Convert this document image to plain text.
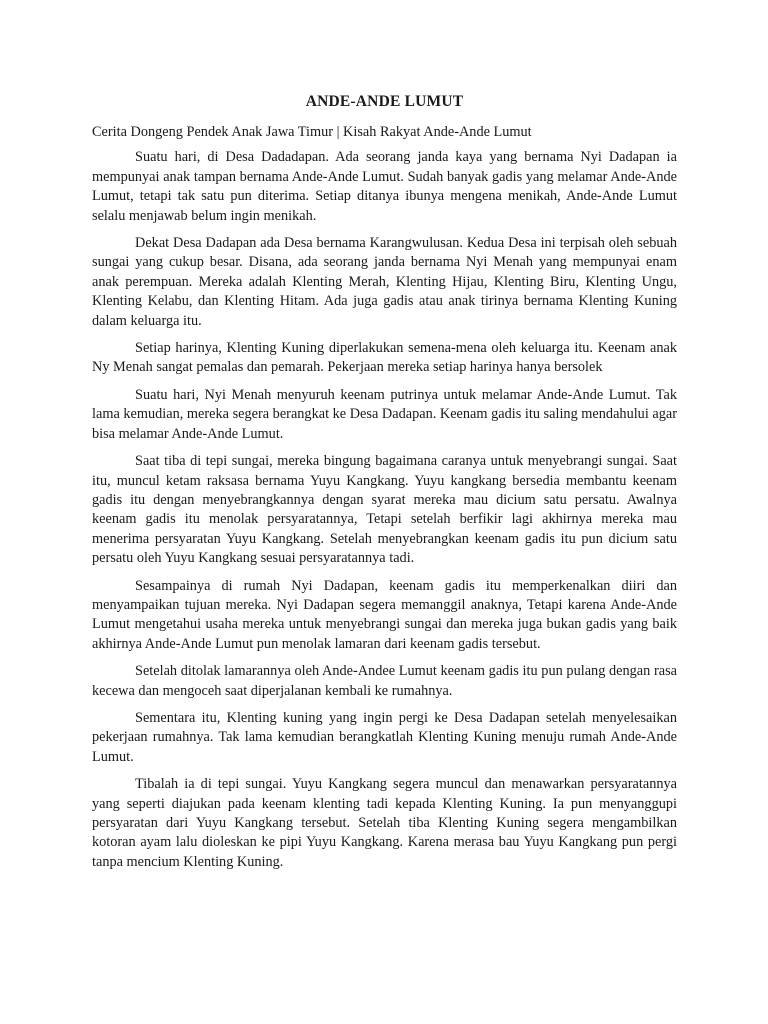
ANDE-ANDE LUMUT
Cerita Dongeng Pendek Anak Jawa Timur | Kisah Rakyat Ande-Ande Lumut

Suatu hari, di Desa Dadadapan. Ada seorang janda kaya yang bernama Nyi Dadapan ia mempunyai anak tampan bernama Ande-Ande Lumut. Sudah banyak gadis yang melamar Ande-Ande Lumut, tetapi tak satu pun diterima. Setiap ditanya ibunya mengena menikah, Ande-Ande Lumut selalu menjawab belum ingin menikah.

Dekat Desa Dadapan ada Desa bernama Karangwulusan. Kedua Desa ini terpisah oleh sebuah sungai yang cukup besar. Disana, ada seorang janda bernama Nyi Menah yang mempunyai enam anak perempuan. Mereka adalah Klenting Merah, Klenting Hijau, Klenting Biru, Klenting Ungu, Klenting Kelabu, dan Klenting Hitam. Ada juga gadis atau anak tirinya bernama Klenting Kuning dalam keluarga itu.

Setiap harinya, Klenting Kuning diperlakukan semena-mena oleh keluarga itu. Keenam anak Ny Menah sangat pemalas dan pemarah. Pekerjaan mereka setiap harinya hanya bersolek

Suatu hari, Nyi Menah menyuruh keenam putrinya untuk melamar Ande-Ande Lumut. Tak lama kemudian, mereka segera berangkat ke Desa Dadapan. Keenam gadis itu saling mendahului agar bisa melamar Ande-Ande Lumut.

Saat tiba di tepi sungai, mereka bingung bagaimana caranya untuk menyebrangi sungai. Saat itu, muncul ketam raksasa bernama Yuyu Kangkang. Yuyu kangkang bersedia membantu keenam gadis itu dengan menyebrangkannya dengan syarat mereka mau dicium satu persatu. Awalnya keenam gadis itu menolak persyaratannya, Tetapi setelah berfikir lagi akhirnya mereka mau menerima persyaratan Yuyu Kangkang. Setelah menyebrangkan keenam gadis itu pun dicium satu persatu oleh Yuyu Kangkang sesuai persyaratannya tadi.

Sesampainya di rumah Nyi Dadapan, keenam gadis itu memperkenalkan diiri dan menyampaikan tujuan mereka. Nyi Dadapan segera memanggil anaknya, Tetapi karena Ande-Ande Lumut mengetahui usaha mereka untuk menyebrangi sungai dan mereka juga bukan gadis yang baik akhirnya Ande-Ande Lumut pun menolak lamaran dari keenam gadis tersebut.

Setelah ditolak lamarannya oleh Ande-Andee Lumut keenam gadis itu pun pulang dengan rasa kecewa dan mengoceh saat diperjalanan kembali ke rumahnya.

Sementara itu, Klenting kuning yang ingin pergi ke Desa Dadapan setelah menyelesaikan pekerjaan rumahnya. Tak lama kemudian berangkatlah Klenting Kuning menuju rumah Ande-Ande Lumut.

Tibalah ia di tepi sungai. Yuyu Kangkang segera muncul dan menawarkan persyaratannya yang seperti diajukan pada keenam klenting tadi kepada Klenting Kuning. Ia pun menyanggupi persyaratan dari Yuyu Kangkang tersebut. Setelah tiba Klenting Kuning segera mengambilkan kotoran ayam lalu dioleskan ke pipi Yuyu Kangkang. Karena merasa bau Yuyu Kangkang pun pergi tanpa mencium Klenting Kuning.
